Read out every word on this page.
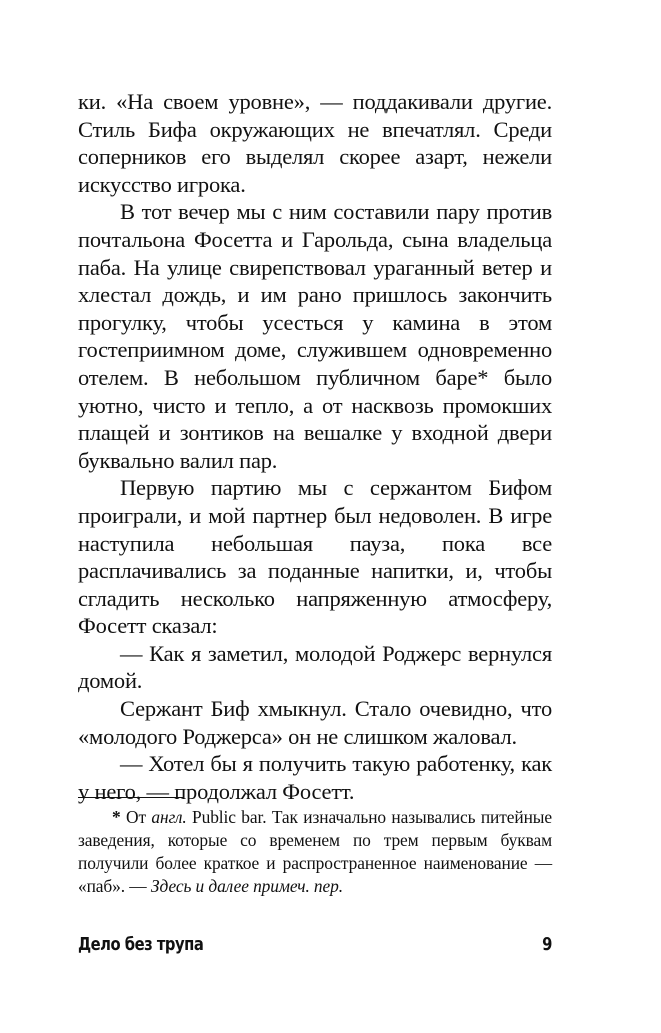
ки. «На своем уровне», — поддакивали другие. Стиль Бифа окружающих не впечатлял. Среди соперников его выделял скорее азарт, нежели искусство игрока.

В тот вечер мы с ним составили пару против почтальона Фосетта и Гарольда, сына владельца паба. На улице свирепствовал ураганный ветер и хлестал дождь, и им рано пришлось закончить прогулку, чтобы усесться у камина в этом гостеприимном доме, служившем одновременно отелем. В небольшом публичном баре* было уютно, чисто и тепло, а от насквозь промокших плащей и зонтиков на вешалке у входной двери буквально валил пар.

Первую партию мы с сержантом Бифом проиграли, и мой партнер был недоволен. В игре наступила небольшая пауза, пока все расплачивались за поданные напитки, и, чтобы сгладить несколько напряженную атмосферу, Фосетт сказал:

— Как я заметил, молодой Роджерс вернулся домой.

Сержант Биф хмыкнул. Стало очевидно, что «молодого Роджерса» он не слишком жаловал.

— Хотел бы я получить такую работенку, как у него, — продолжал Фосетт.

* От англ. Public bar. Так изначально назывались питейные заведения, которые со временем по трем первым буквам получили более краткое и распространенное наименование — «паб». — Здесь и далее примеч. пер.
Дело без трупа	9
